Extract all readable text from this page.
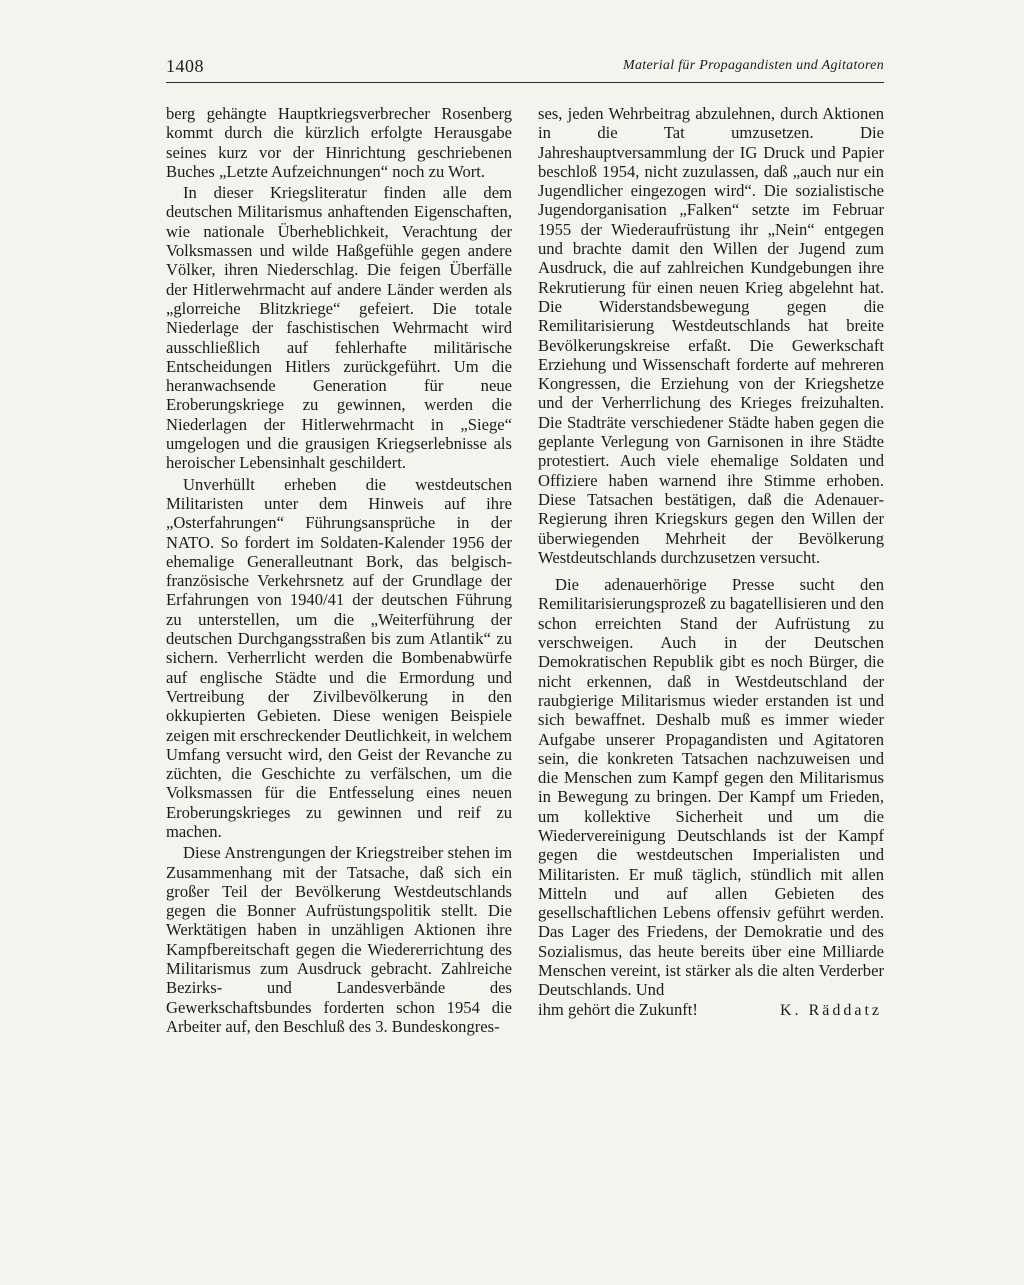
1408	Material für Propagandisten und Agitatoren

berg gehängte Hauptkriegsverbrecher Rosenberg kommt durch die kürzlich erfolgte Herausgabe seines kurz vor der Hinrichtung geschriebenen Buches „Letzte Aufzeichnungen“ noch zu Wort.

In dieser Kriegsliteratur finden alle dem deutschen Militarismus anhaftenden Eigenschaften, wie nationale Überheblichkeit, Verachtung der Volksmassen und wilde Haßgefühle gegen andere Völker, ihren Niederschlag. Die feigen Überfälle der Hitlerwehrmacht auf andere Länder werden als „glorreiche Blitzkriege“ gefeiert. Die totale Niederlage der faschistischen Wehrmacht wird ausschließlich auf fehlerhafte militärische Entscheidungen Hitlers zurückgeführt. Um die heranwachsende Generation für neue Eroberungskriege zu gewinnen, werden die Niederlagen der Hitlerwehrmacht in „Siege“ umgelogen und die grausigen Kriegserlebnisse als heroischer Lebensinhalt geschildert.

Unverhüllt erheben die westdeutschen Militaristen unter dem Hinweis auf ihre „Osterfahrungen“ Führungsansprüche in der NATO. So fordert im Soldaten-Kalender 1956 der ehemalige Generalleutnant Bork, das belgisch-französische Verkehrsnetz auf der Grundlage der Erfahrungen von 1940/41 der deutschen Führung zu unterstellen, um die „Weiterführung der deutschen Durchgangsstraßen bis zum Atlantik“ zu sichern. Verherrlicht werden die Bombenabwürfe auf englische Städte und die Ermordung und Vertreibung der Zivilbevölkerung in den okkupierten Gebieten. Diese wenigen Beispiele zeigen mit erschreckender Deutlichkeit, in welchem Umfang versucht wird, den Geist der Revanche zu züchten, die Geschichte zu verfälschen, um die Volksmassen für die Entfesselung eines neuen Eroberungskrieges zu gewinnen und reif zu machen.

Diese Anstrengungen der Kriegstreiber stehen im Zusammenhang mit der Tatsache, daß sich ein großer Teil der Bevölkerung Westdeutschlands gegen die Bonner Aufrüstungspolitik stellt. Die Werktätigen haben in unzähligen Aktionen ihre Kampfbereitschaft gegen die Wiedererrichtung des Militarismus zum Ausdruck gebracht. Zahlreiche Bezirks- und Landesverbände des Gewerkschaftsbundes forderten schon 1954 die Arbeiter auf, den Beschluß des 3. Bundeskongres-

ses, jeden Wehrbeitrag abzulehnen, durch Aktionen in die Tat umzusetzen. Die Jahreshauptversammlung der IG Druck und Papier beschloß 1954, nicht zuzulassen, daß „auch nur ein Jugendlicher eingezogen wird“. Die sozialistische Jugendorganisation „Falken“ setzte im Februar 1955 der Wiederaufrüstung ihr „Nein“ entgegen und brachte damit den Willen der Jugend zum Ausdruck, die auf zahlreichen Kundgebungen ihre Rekrutierung für einen neuen Krieg abgelehnt hat. Die Widerstandsbewegung gegen die Remilitarisierung Westdeutschlands hat breite Bevölkerungskreise erfaßt. Die Gewerkschaft Erziehung und Wissenschaft forderte auf mehreren Kongressen, die Erziehung von der Kriegshetze und der Verherrlichung des Krieges freizuhalten. Die Stadträte verschiedener Städte haben gegen die geplante Verlegung von Garnisonen in ihre Städte protestiert. Auch viele ehemalige Soldaten und Offiziere haben warnend ihre Stimme erhoben. Diese Tatsachen bestätigen, daß die Adenauer-Regierung ihren Kriegskurs gegen den Willen der überwiegenden Mehrheit der Bevölkerung Westdeutschlands durchzusetzen versucht.

Die adenauerhörige Presse sucht den Remilitarisierungsprozeß zu bagatellisieren und den schon erreichten Stand der Aufrüstung zu verschweigen. Auch in der Deutschen Demokratischen Republik gibt es noch Bürger, die nicht erkennen, daß in Westdeutschland der raubgierige Militarismus wieder erstanden ist und sich bewaffnet. Deshalb muß es immer wieder Aufgabe unserer Propagandisten und Agitatoren sein, die konkreten Tatsachen nachzuweisen und die Menschen zum Kampf gegen den Militarismus in Bewegung zu bringen. Der Kampf um Frieden, um kollektive Sicherheit und um die Wiedervereinigung Deutschlands ist der Kampf gegen die westdeutschen Imperialisten und Militaristen. Er muß täglich, stündlich mit allen Mitteln und auf allen Gebieten des gesellschaftlichen Lebens offensiv geführt werden. Das Lager des Friedens, der Demokratie und des Sozialismus, das heute bereits über eine Milliarde Menschen vereint, ist stärker als die alten Verderber Deutschlands. Und

ihm gehört die Zukunft!	K. Räddatz
